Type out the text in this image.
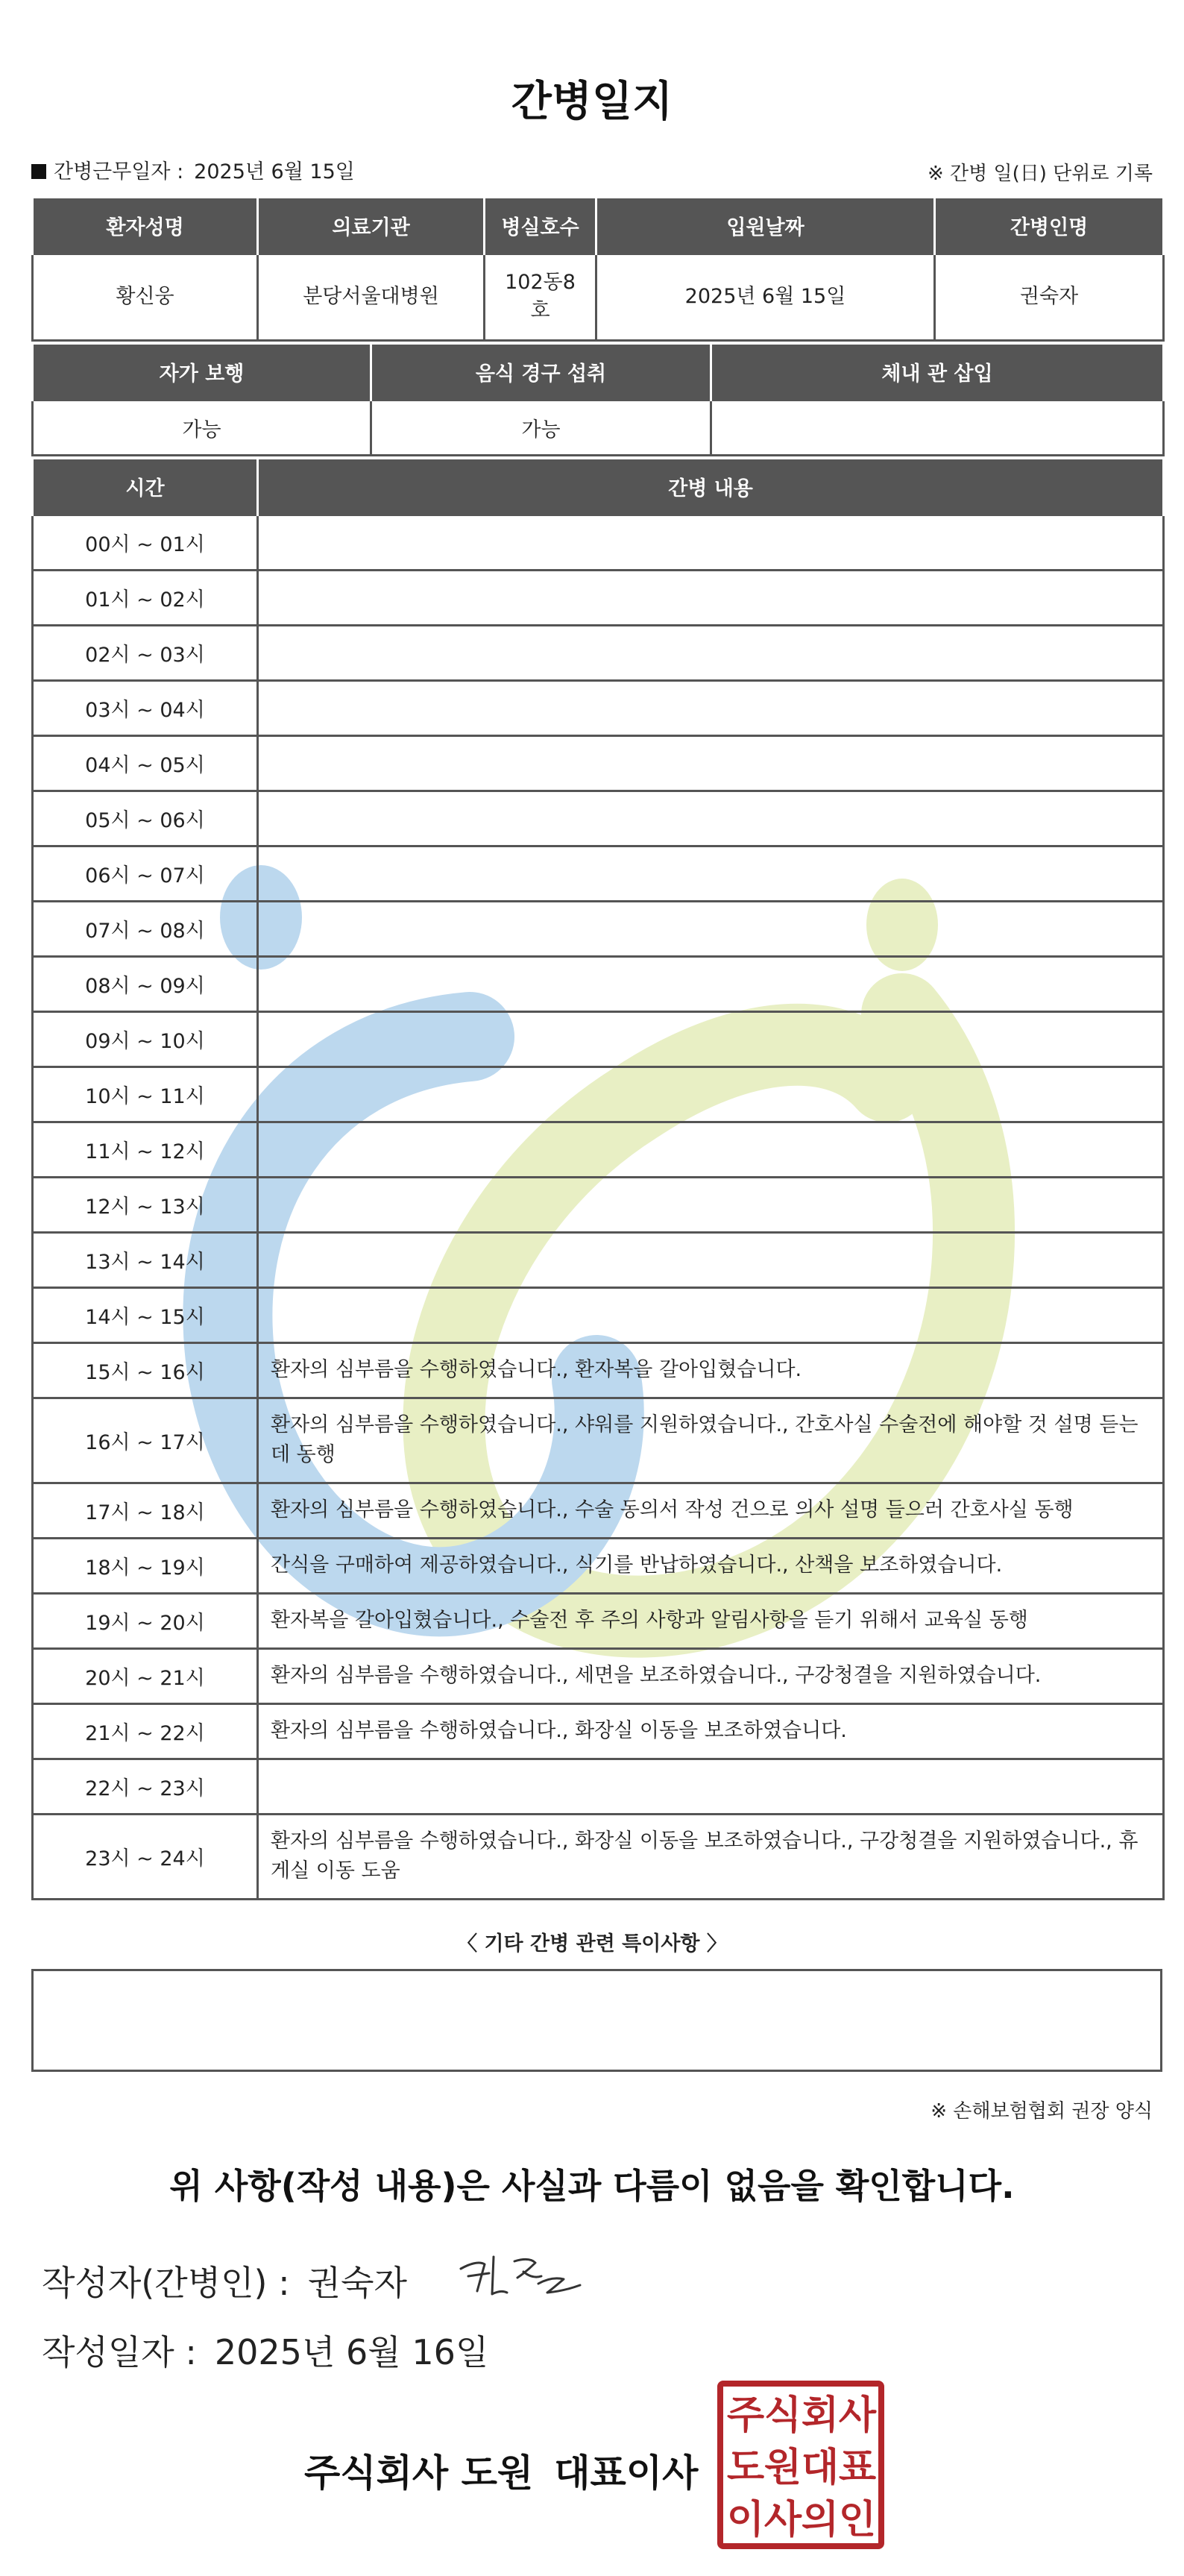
간병일지
간병근무일자 : 2025년 6월 15일	※ 간병 일(日) 단위로 기록
환자성명	의료기관	병실호수	입원날짜	간병인명
황신웅	분당서울대병원	102동8호	2025년 6월 15일	권숙자
자가 보행	음식 경구 섭취	체내 관 삽입
가능	가능	
시간	간병 내용
00시 ~ 01시	
01시 ~ 02시	
02시 ~ 03시	
03시 ~ 04시	
04시 ~ 05시	
05시 ~ 06시	
06시 ~ 07시	
07시 ~ 08시	
08시 ~ 09시	
09시 ~ 10시	
10시 ~ 11시	
11시 ~ 12시	
12시 ~ 13시	
13시 ~ 14시	
14시 ~ 15시	
15시 ~ 16시	환자의 심부름을 수행하였습니다., 환자복을 갈아입혔습니다.
16시 ~ 17시	환자의 심부름을 수행하였습니다., 샤워를 지원하였습니다., 간호사실 수술전에 해야할 것 설명 듣는데 동행
17시 ~ 18시	환자의 심부름을 수행하였습니다., 수술 동의서 작성 건으로 의사 설명 들으러 간호사실 동행
18시 ~ 19시	간식을 구매하여 제공하였습니다., 식기를 반납하였습니다., 산책을 보조하였습니다.
19시 ~ 20시	환자복을 갈아입혔습니다., 수술전 후 주의 사항과 알림사항을 듣기 위해서 교육실 동행
20시 ~ 21시	환자의 심부름을 수행하였습니다., 세면을 보조하였습니다., 구강청결을 지원하였습니다.
21시 ~ 22시	환자의 심부름을 수행하였습니다., 화장실 이동을 보조하였습니다.
22시 ~ 23시	
23시 ~ 24시	환자의 심부름을 수행하였습니다., 화장실 이동을 보조하였습니다., 구강청결을 지원하였습니다., 휴게실 이동 도움
〈 기타 간병 관련 특이사항 〉
※ 손해보험협회 권장 양식
위 사항(작성 내용)은 사실과 다름이 없음을 확인합니다.
작성자(간병인) : 권숙자
작성일자 : 2025년 6월 16일
주식회사 도원 대표이사
주 식 회 사
도 원 대 표
이 사 의 인
